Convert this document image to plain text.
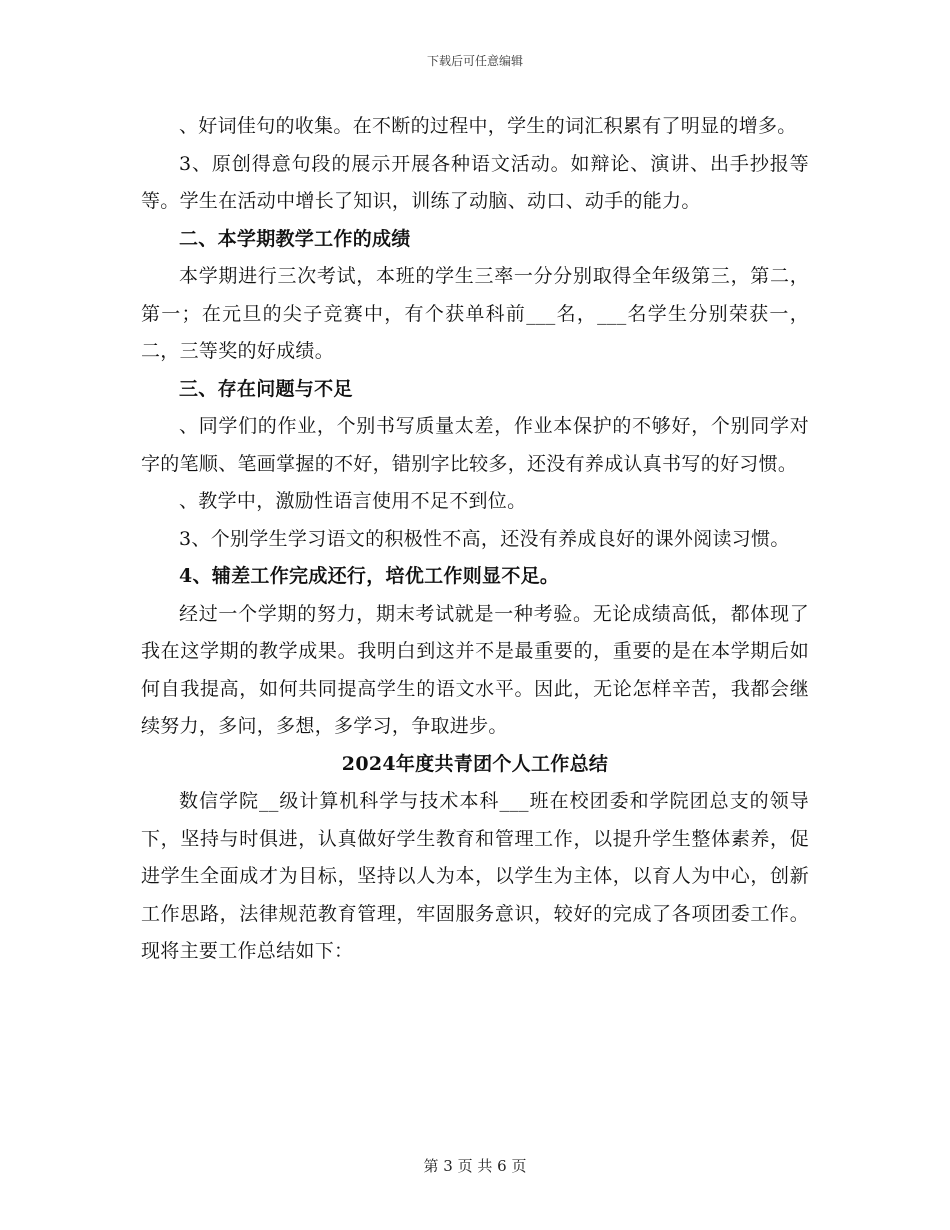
下载后可任意编辑

、好词佳句的收集。在不断的过程中，学生的词汇积累有了明显的增多。

3、原创得意句段的展示开展各种语文活动。如辩论、演讲、出手抄报等等。学生在活动中增长了知识，训练了动脑、动口、动手的能力。

二、本学期教学工作的成绩

本学期进行三次考试，本班的学生三率一分分别取得全年级第三，第二，第一；在元旦的尖子竞赛中，有个获单科前___名，___名学生分别荣获一，二，三等奖的好成绩。

三、存在问题与不足

、同学们的作业，个别书写质量太差，作业本保护的不够好，个别同学对字的笔顺、笔画掌握的不好，错别字比较多，还没有养成认真书写的好习惯。

、教学中，激励性语言使用不足不到位。

3、个别学生学习语文的积极性不高，还没有养成良好的课外阅读习惯。

4、辅差工作完成还行，培优工作则显不足。

经过一个学期的努力，期末考试就是一种考验。无论成绩高低，都体现了我在这学期的教学成果。我明白到这并不是最重要的，重要的是在本学期后如何自我提高，如何共同提高学生的语文水平。因此，无论怎样辛苦，我都会继续努力，多问，多想，多学习，争取进步。

2024年度共青团个人工作总结

数信学院__级计算机科学与技术本科___班在校团委和学院团总支的领导下，坚持与时俱进，认真做好学生教育和管理工作，以提升学生整体素养，促进学生全面成才为目标，坚持以人为本，以学生为主体，以育人为中心，创新工作思路，法律规范教育管理，牢固服务意识，较好的完成了各项团委工作。现将主要工作总结如下：

第 3 页 共 6 页
